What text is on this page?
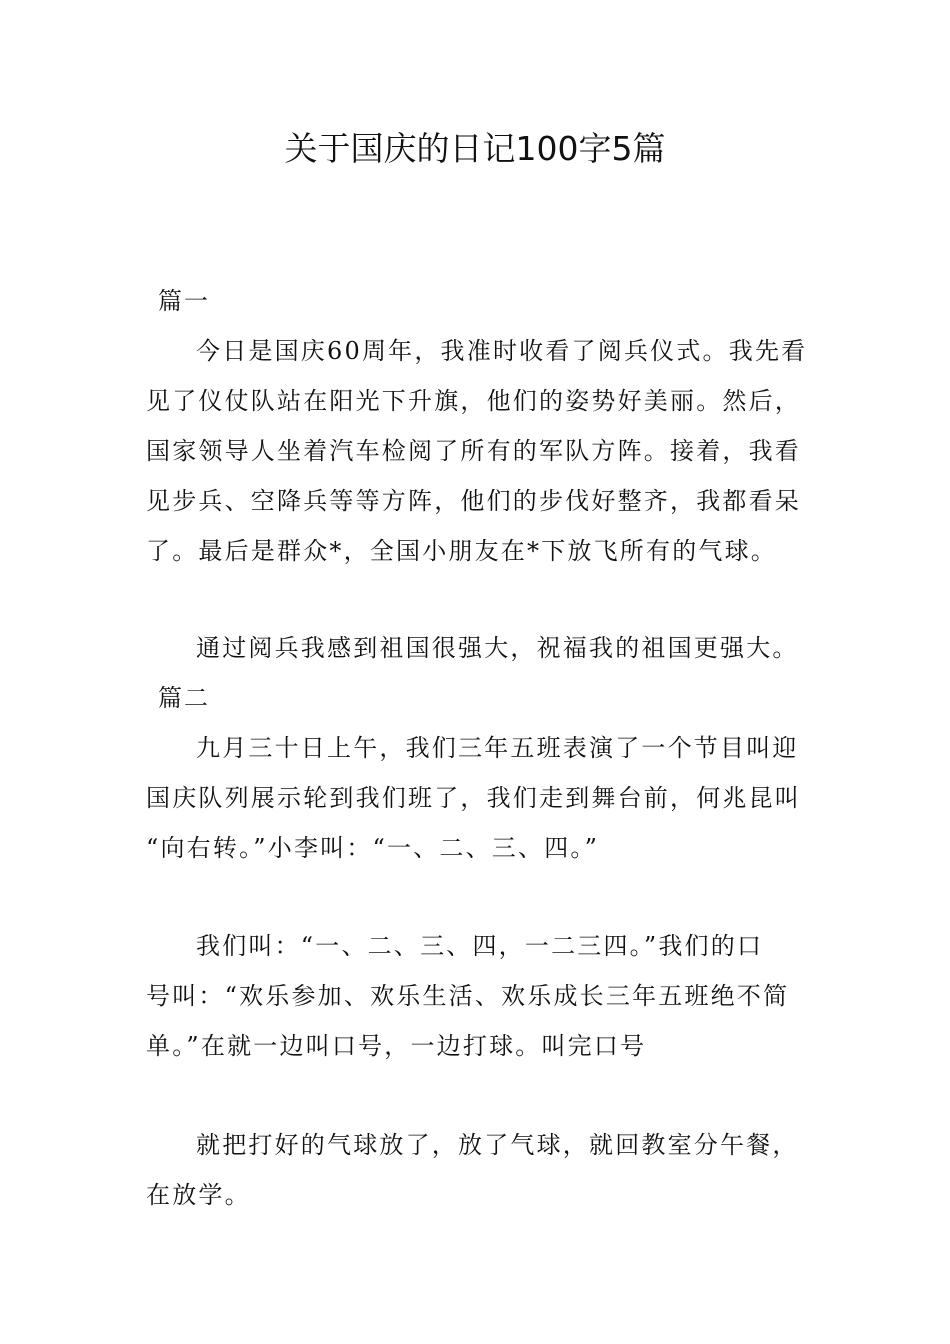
关于国庆的日记100字5篇
篇一
今日是国庆60周年，我准时收看了阅兵仪式。我先看
见了仪仗队站在阳光下升旗，他们的姿势好美丽。然后，
国家领导人坐着汽车检阅了所有的军队方阵。接着，我看
见步兵、空降兵等等方阵，他们的步伐好整齐，我都看呆
了。最后是群众*，全国小朋友在*下放飞所有的气球。
通过阅兵我感到祖国很强大，祝福我的祖国更强大。
篇二
九月三十日上午，我们三年五班表演了一个节目叫迎
国庆队列展示轮到我们班了，我们走到舞台前，何兆昆叫
“向右转。”小李叫：“一、二、三、四。”
我们叫：“一、二、三、四，一二三四。”我们的口
号叫：“欢乐参加、欢乐生活、欢乐成长三年五班绝不简
单。”在就一边叫口号，一边打球。叫完口号
就把打好的气球放了，放了气球，就回教室分午餐，
在放学。
